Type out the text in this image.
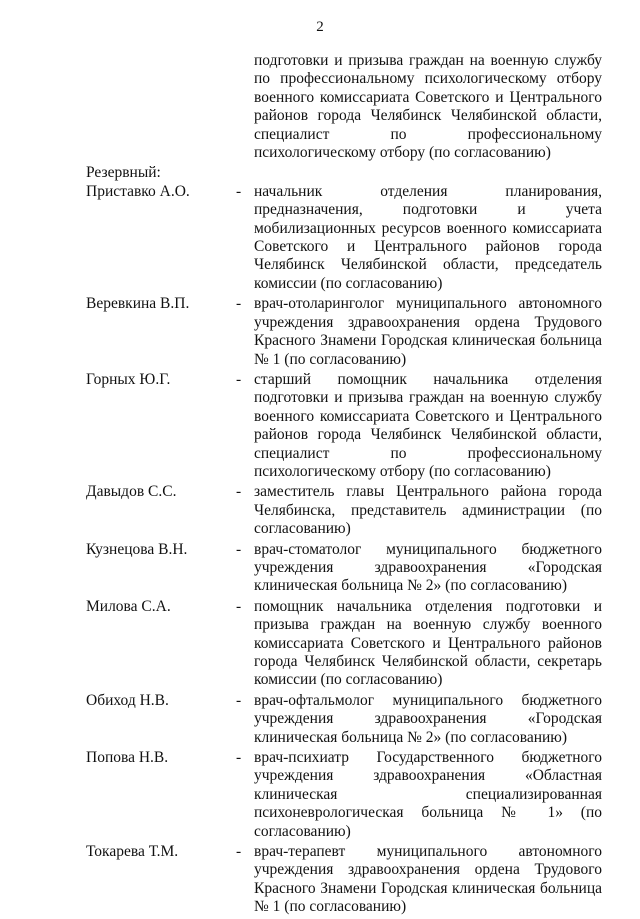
2
подготовки и призыва граждан на военную службу по профессиональному психологическому отбору военного комиссариата Советского и Центрального районов города Челябинск Челябинской области, специалист по профессиональному психологическому отбору (по согласованию)
Резервный:
Приставко А.О.	- начальник отделения планирования, предназначения, подготовки и учета мобилизационных ресурсов военного комиссариата Советского и Центрального районов города Челябинск Челябинской области, председатель комиссии (по согласованию)
Веревкина В.П.	- врач-отоларинголог муниципального автономного учреждения здравоохранения ордена Трудового Красного Знамени Городская клиническая больница № 1 (по согласованию)
Горных Ю.Г.	- старший помощник начальника отделения подготовки и призыва граждан на военную службу военного комиссариата Советского и Центрального районов города Челябинск Челябинской области, специалист по профессиональному психологическому отбору (по согласованию)
Давыдов С.С.	- заместитель главы Центрального района города Челябинска, представитель администрации (по согласованию)
Кузнецова В.Н.	- врач-стоматолог муниципального бюджетного учреждения здравоохранения «Городская клиническая больница № 2» (по согласованию)
Милова С.А.	- помощник начальника отделения подготовки и призыва граждан на военную службу военного комиссариата Советского и Центрального районов города Челябинск Челябинской области, секретарь комиссии (по согласованию)
Обиход Н.В.	- врач-офтальмолог муниципального бюджетного учреждения здравоохранения «Городская клиническая больница № 2» (по согласованию)
Попова Н.В.	- врач-психиатр Государственного бюджетного учреждения здравоохранения «Областная клиническая специализированная психоневрологическая больница № 1» (по согласованию)
Токарева Т.М.	- врач-терапевт муниципального автономного учреждения здравоохранения ордена Трудового Красного Знамени Городская клиническая больница № 1 (по согласованию)
